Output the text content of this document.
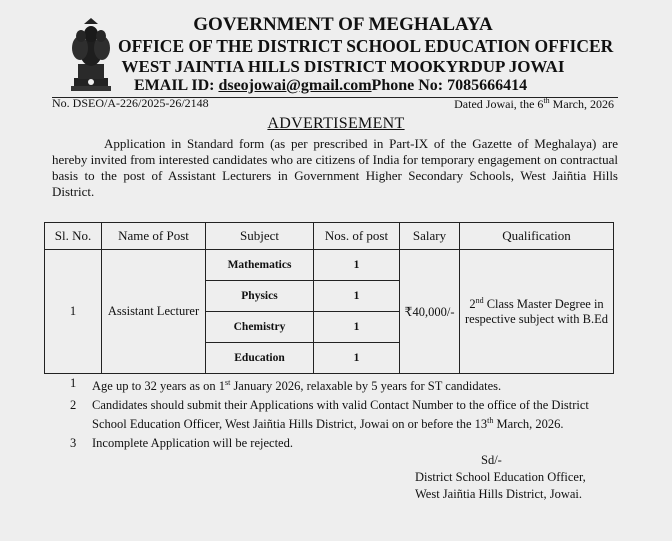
GOVERNMENT OF MEGHALAYA
OFFICE OF THE DISTRICT SCHOOL EDUCATION OFFICER
WEST JAINTIA HILLS DISTRICT MOOKYRDUP JOWAI
EMAIL ID: dseojowai@gmail.comPhone No: 7085666414
No. DSEO/A-226/2025-26/2148	Dated Jowai, the 6th March, 2026
ADVERTISEMENT
Application in Standard form (as per prescribed in Part-IX of the Gazette of Meghalaya) are hereby invited from interested candidates who are citizens of India for temporary engagement on contractual basis to the post of Assistant Lecturers in Government Higher Secondary Schools, West Jaiñtia Hills District.
Sl. No.	Name of Post	Subject	Nos. of post	Salary	Qualification
1	Assistant Lecturer	Mathematics	1	₹40,000/-	2nd Class Master Degree in respective subject with B.Ed
		Physics	1		
		Chemistry	1		
		Education	1		
1 Age up to 32 years as on 1st January 2026, relaxable by 5 years for ST candidates.
2 Candidates should submit their Applications with valid Contact Number to the office of the District School Education Officer, West Jaiñtia Hills District, Jowai on or before the 13th March, 2026.
3 Incomplete Application will be rejected.
Sd/-
District School Education Officer,
West Jaiñtia Hills District, Jowai.
